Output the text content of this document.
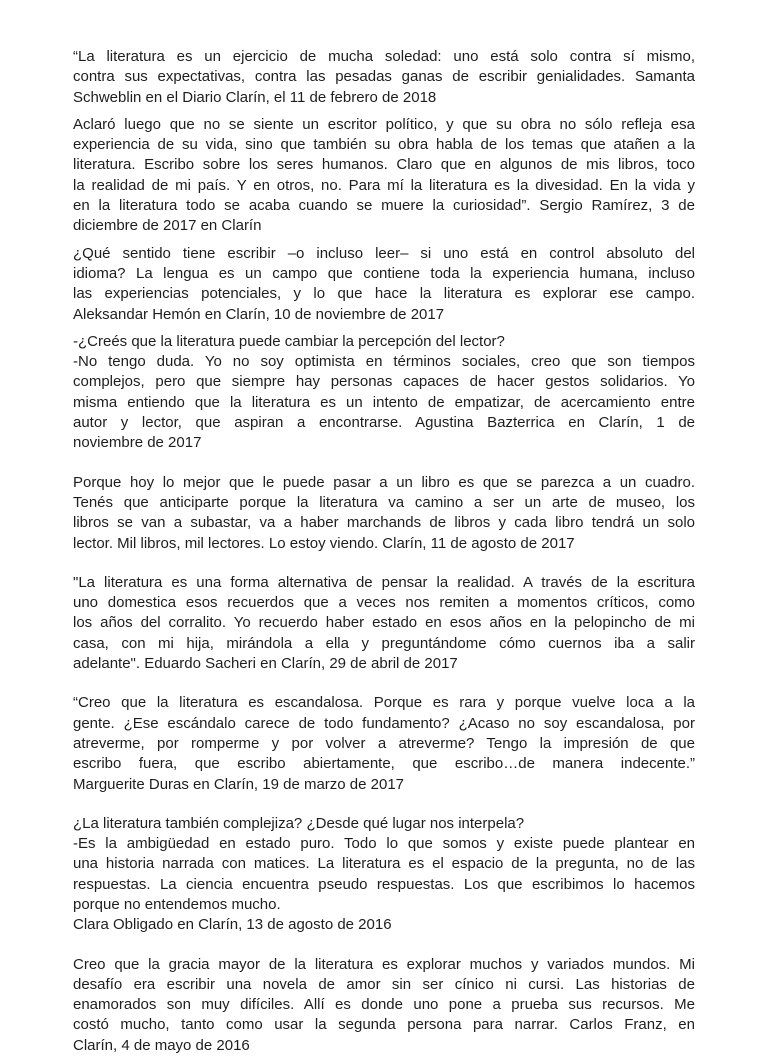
“La literatura es un ejercicio de mucha soledad: uno está solo contra sí mismo,
contra sus expectativas, contra las pesadas ganas de escribir genialidades. Samanta
Schweblin en el Diario Clarín, el 11 de febrero de 2018
Aclaró luego que no se siente un escritor político, y que su obra no sólo refleja esa
experiencia de su vida, sino que también su obra habla de los temas que atañen a la
literatura. Escribo sobre los seres humanos. Claro que en algunos de mis libros, toco
la realidad de mi país. Y en otros, no. Para mí la literatura es la divesidad. En la vida y
en la literatura todo se acaba cuando se muere la curiosidad”. Sergio Ramírez, 3 de
diciembre de 2017 en Clarín
¿Qué sentido tiene escribir –o incluso leer– si uno está en control absoluto del
idioma? La lengua es un campo que contiene toda la experiencia humana, incluso
las experiencias potenciales, y lo que hace la literatura es explorar ese campo.
Aleksandar Hemón en Clarín, 10 de noviembre de 2017
-¿Creés que la literatura puede cambiar la percepción del lector?
-No tengo duda. Yo no soy optimista en términos sociales, creo que son tiempos
complejos, pero que siempre hay personas capaces de hacer gestos solidarios. Yo
misma entiendo que la literatura es un intento de empatizar, de acercamiento entre
autor y lector, que aspiran a encontrarse. Agustina Bazterrica en Clarín, 1 de
noviembre de 2017
Porque hoy lo mejor que le puede pasar a un libro es que se parezca a un cuadro.
Tenés que anticiparte porque la literatura va camino a ser un arte de museo, los
libros se van a subastar, va a haber marchands de libros y cada libro tendrá un solo
lector. Mil libros, mil lectores. Lo estoy viendo. Clarín, 11 de agosto de 2017
"La literatura es una forma alternativa de pensar la realidad. A través de la escritura
uno domestica esos recuerdos que a veces nos remiten a momentos críticos, como
los años del corralito. Yo recuerdo haber estado en esos años en la pelopincho de mi
casa, con mi hija, mirándola a ella y preguntándome cómo cuernos iba a salir
adelante". Eduardo Sacheri en Clarín, 29 de abril de 2017
“Creo que la literatura es escandalosa. Porque es rara y porque vuelve loca a la
gente. ¿Ese escándalo carece de todo fundamento? ¿Acaso no soy escandalosa, por
atreverme, por romperme y por volver a atreverme? Tengo la impresión de que
escribo fuera, que escribo abiertamente, que escribo…de manera indecente.”
Marguerite Duras en Clarín, 19 de marzo de 2017
¿La literatura también complejiza? ¿Desde qué lugar nos interpela?
-Es la ambigüedad en estado puro. Todo lo que somos y existe puede plantear en
una historia narrada con matices. La literatura es el espacio de la pregunta, no de las
respuestas. La ciencia encuentra pseudo respuestas. Los que escribimos lo hacemos
porque no entendemos mucho.
Clara Obligado en Clarín, 13 de agosto de 2016
Creo que la gracia mayor de la literatura es explorar muchos y variados mundos. Mi
desafío era escribir una novela de amor sin ser cínico ni cursi. Las historias de
enamorados son muy difíciles. Allí es donde uno pone a prueba sus recursos. Me
costó mucho, tanto como usar la segunda persona para narrar. Carlos Franz, en
Clarín, 4 de mayo de 2016
